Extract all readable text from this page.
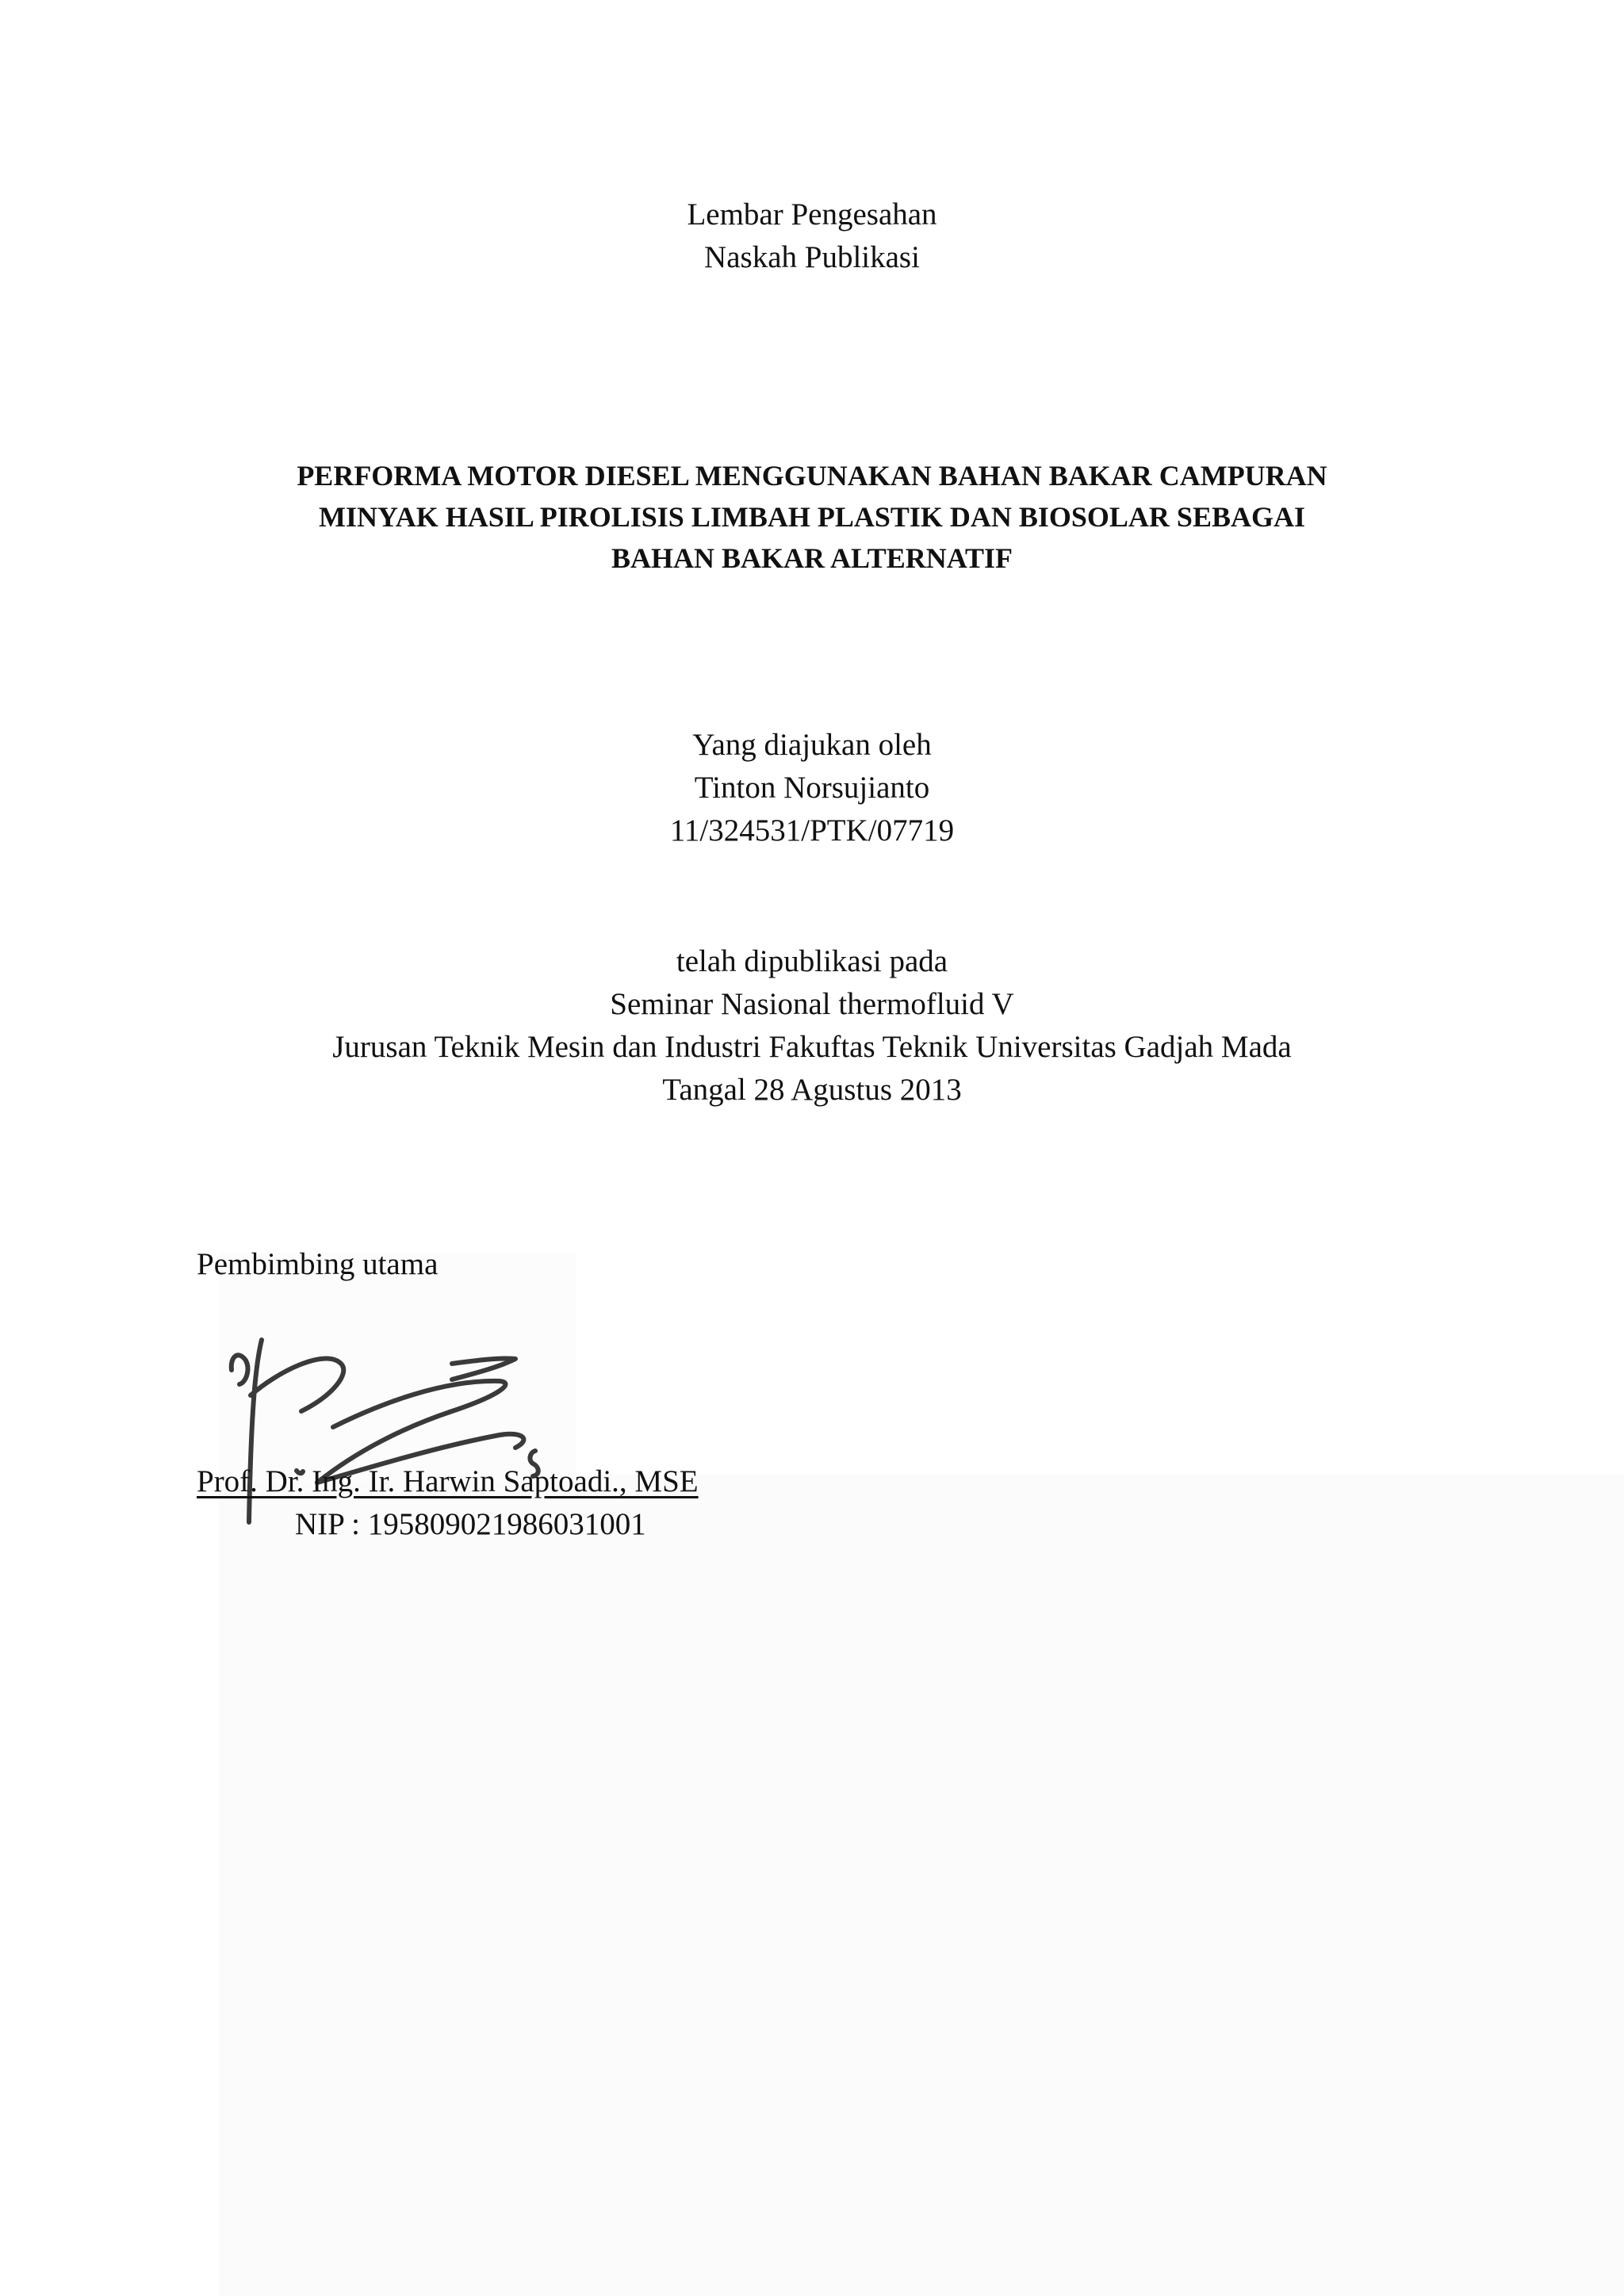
Lembar Pengesahan
Naskah Publikasi
PERFORMA MOTOR DIESEL MENGGUNAKAN BAHAN BAKAR CAMPURAN
MINYAK HASIL PIROLISIS LIMBAH PLASTIK DAN BIOSOLAR SEBAGAI
BAHAN BAKAR ALTERNATIF
Yang diajukan oleh
Tinton Norsujianto
11/324531/PTK/07719
telah dipublikasi pada
Seminar Nasional thermofluid V
Jurusan Teknik Mesin dan Industri Fakuftas Teknik Universitas Gadjah Mada
Tangal 28 Agustus 2013
Pembimbing utama
Prof. Dr. Ing. Ir. Harwin Saptoadi., MSE
NIP : 195809021986031001
